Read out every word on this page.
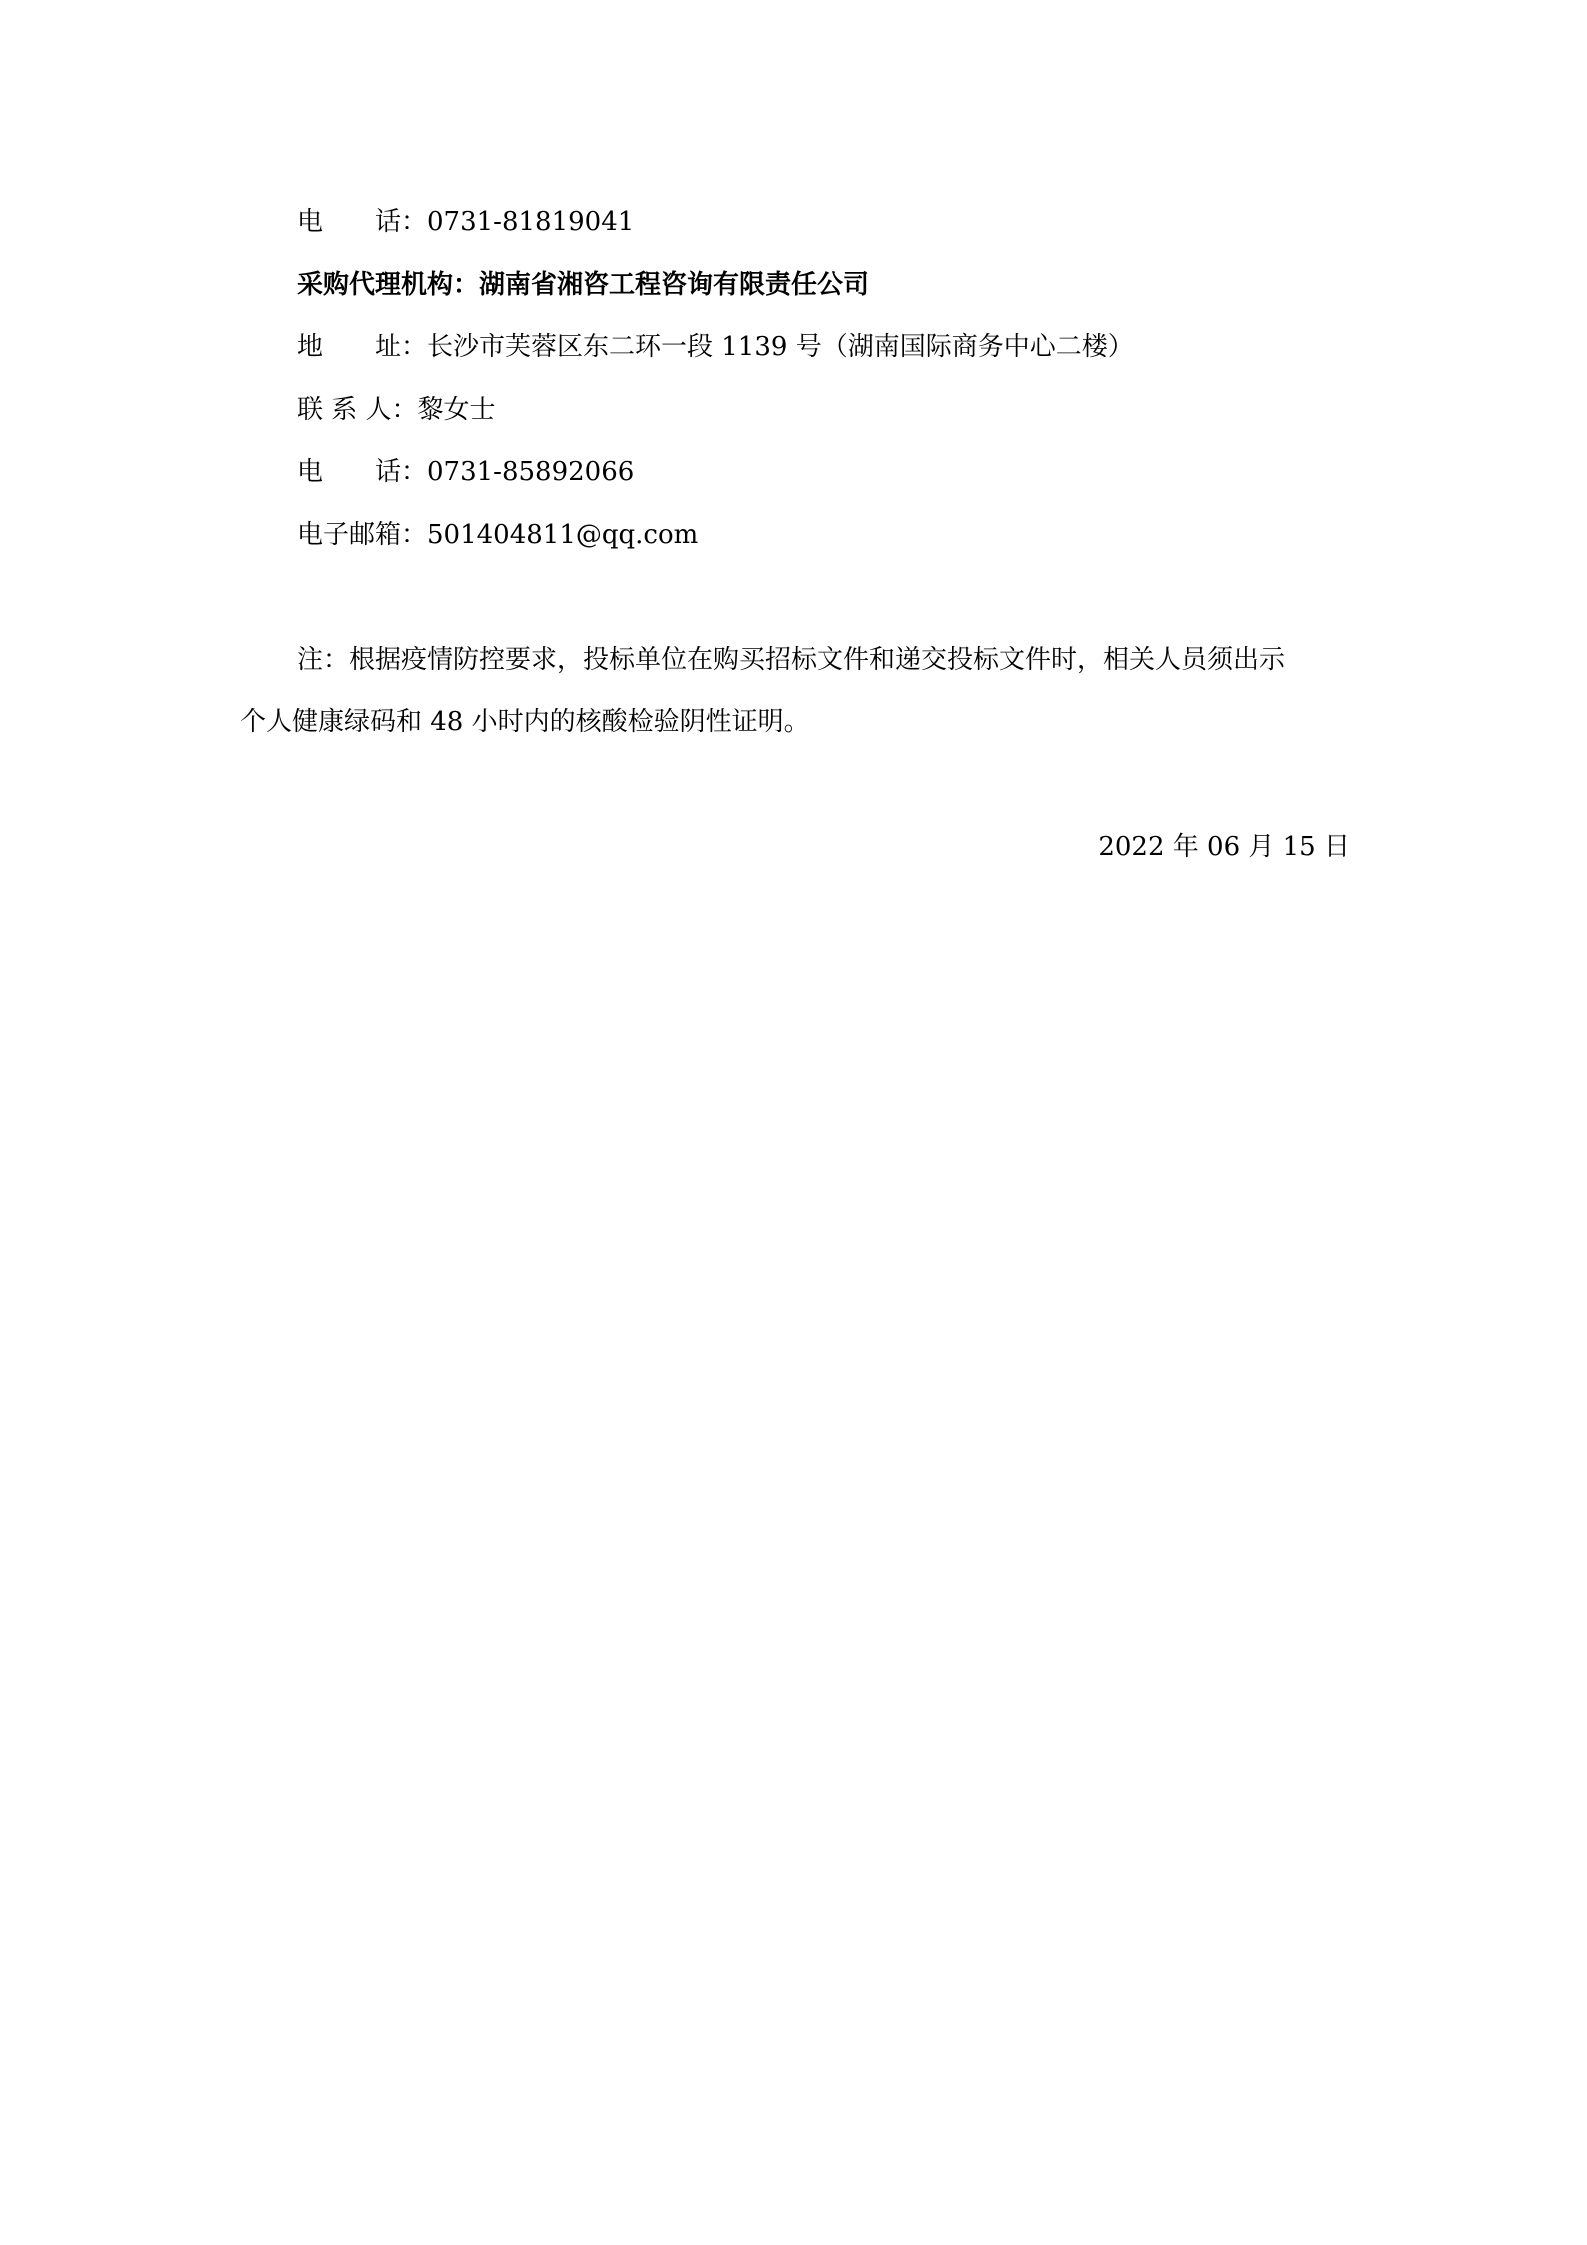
电　　话：0731-81819041
采购代理机构：湖南省湘咨工程咨询有限责任公司
地　　址：长沙市芙蓉区东二环一段 1139 号（湖南国际商务中心二楼）
联 系 人：黎女士
电　　话：0731-85892066
电子邮箱：501404811@qq.com
注：根据疫情防控要求，投标单位在购买招标文件和递交投标文件时，相关人员须出示
个人健康绿码和 48 小时内的核酸检验阴性证明。
2022 年 06 月 15 日
